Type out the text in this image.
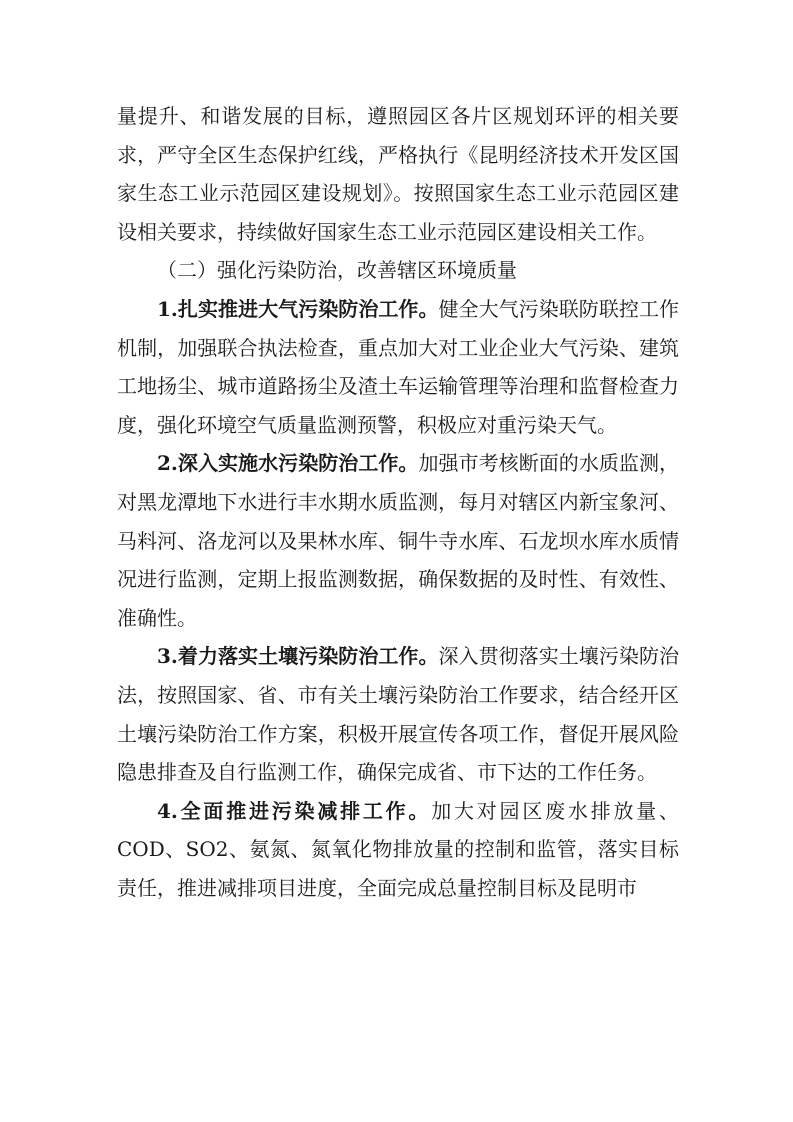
量提升、和谐发展的目标，遵照园区各片区规划环评的相关要求，严守全区生态保护红线，严格执行《昆明经济技术开发区国家生态工业示范园区建设规划》。按照国家生态工业示范园区建设相关要求，持续做好国家生态工业示范园区建设相关工作。

（二）强化污染防治，改善辖区环境质量

1.扎实推进大气污染防治工作。健全大气污染联防联控工作机制，加强联合执法检查，重点加大对工业企业大气污染、建筑工地扬尘、城市道路扬尘及渣土车运输管理等治理和监督检查力度，强化环境空气质量监测预警，积极应对重污染天气。

2.深入实施水污染防治工作。加强市考核断面的水质监测，对黑龙潭地下水进行丰水期水质监测，每月对辖区内新宝象河、马料河、洛龙河以及果林水库、铜牛寺水库、石龙坝水库水质情况进行监测，定期上报监测数据，确保数据的及时性、有效性、准确性。

3.着力落实土壤污染防治工作。深入贯彻落实土壤污染防治法，按照国家、省、市有关土壤污染防治工作要求，结合经开区土壤污染防治工作方案，积极开展宣传各项工作，督促开展风险隐患排查及自行监测工作，确保完成省、市下达的工作任务。

4.全面推进污染减排工作。加大对园区废水排放量、COD、SO2、氨氮、氮氧化物排放量的控制和监管，落实目标责任，推进减排项目进度，全面完成总量控制目标及昆明市
